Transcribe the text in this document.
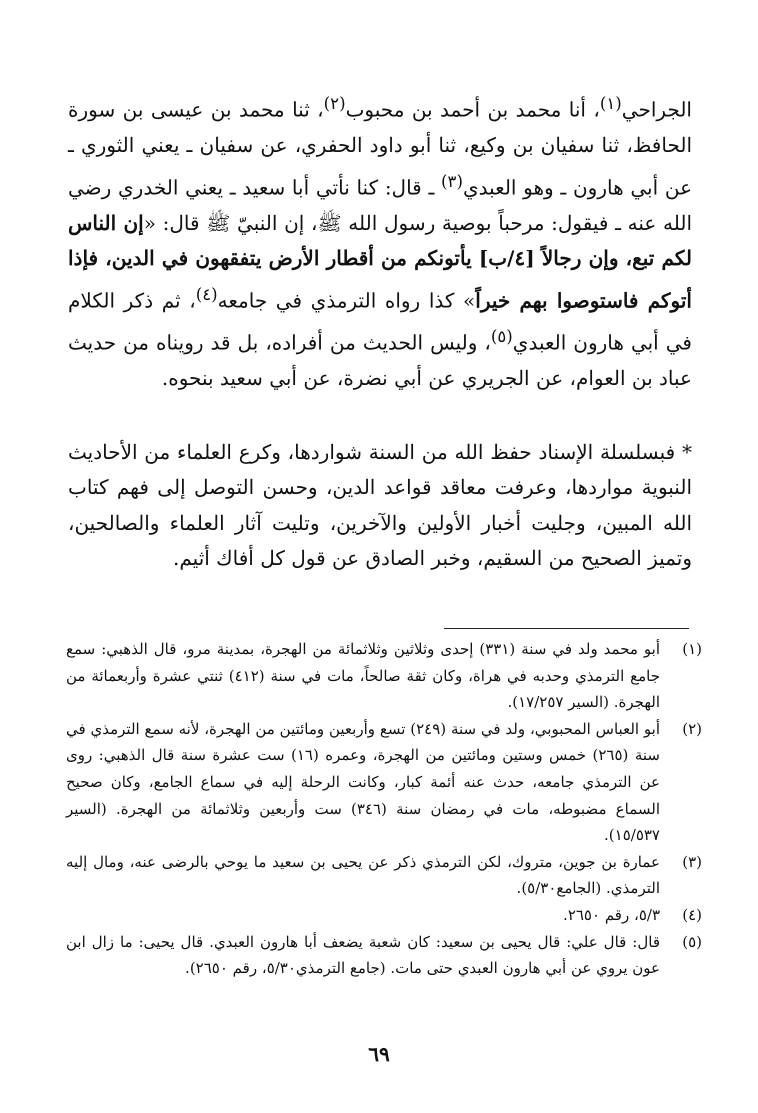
الجراحي$^{(١)}$، أنا محمد بن أحمد بن محبوب$^{(٢)}$، ثنا محمد بن عيسى بن سورة الحافظ، ثنا سفيان بن وكيع، ثنا أبو داود الحفري، عن سفيان ـ يعني الثوري ـ عن أبي هارون ـ وهو العبدي$^{(٣)}$ ـ قال: كنا نأتي أبا سعيد ـ يعني الخدري رضي الله عنه ـ فيقول: مرحباً بوصية رسول الله ﷺ، إن النبيّ ﷺ قال: «إن الناس لكم تبع، وإن رجالاً [٤/ب] يأتونكم من أقطار الأرض يتفقهون في الدين، فإذا أتوكم فاستوصوا بهم خيراً» كذا رواه الترمذي في جامعه$^{(٤)}$، ثم ذكر الكلام في أبي هارون العبدي$^{(٥)}$، وليس الحديث من أفراده، بل قد رويناه من حديث عباد بن العوام، عن الجريري عن أبي نضرة، عن أبي سعيد بنحوه.

* فبسلسلة الإسناد حفظ الله من السنة شواردها، وكرع العلماء من الأحاديث النبوية مواردها، وعرفت معاقد قواعد الدين، وحسن التوصل إلى فهم كتاب الله المبين، وجليت أخبار الأولين والآخرين، وتليت آثار العلماء والصالحين، وتميز الصحيح من السقيم، وخبر الصادق عن قول كل أفاك أثيم.

(١)
أبو محمد ولد في سنة (٣٣١) إحدى وثلاثين وثلاثمائة من الهجرة، بمدينة مرو، قال الذهبي: سمع جامع الترمذي وحدبه في هراة، وكان ثقة صالحاً، مات في سنة (٤١٢) ثنتي عشرة وأربعمائة من الهجرة. (السير ١٧/٢٥٧).
(٢)
أبو العباس المحبوبي، ولد في سنة (٢٤٩) تسع وأربعين ومائتين من الهجرة، لأنه سمع الترمذي في سنة (٢٦٥) خمس وستين ومائتين من الهجرة، وعمره (١٦) ست عشرة سنة قال الذهبي: روى عن الترمذي جامعه، حدث عنه أئمة كبار، وكانت الرحلة إليه في سماع الجامع، وكان صحيح السماع مضبوطه، مات في رمضان سنة (٣٤٦) ست وأربعين وثلاثمائة من الهجرة. (السير ١٥/٥٣٧).
(٣)
عمارة بن جوين، متروك، لكن الترمذي ذكر عن يحيى بن سعيد ما يوحي بالرضى عنه، ومال إليه الترمذي. (الجامع٥/٣٠).
(٤)
٥/٣، رقم ٢٦٥٠.
(٥)
قال: قال علي: قال يحيى بن سعيد: كان شعبة يضعف أبا هارون العبدي. قال يحيى: ما زال ابن عون يروي عن أبي هارون العبدي حتى مات. (جامع الترمذي٥/٣٠، رقم ٢٦٥٠).
٦٩
